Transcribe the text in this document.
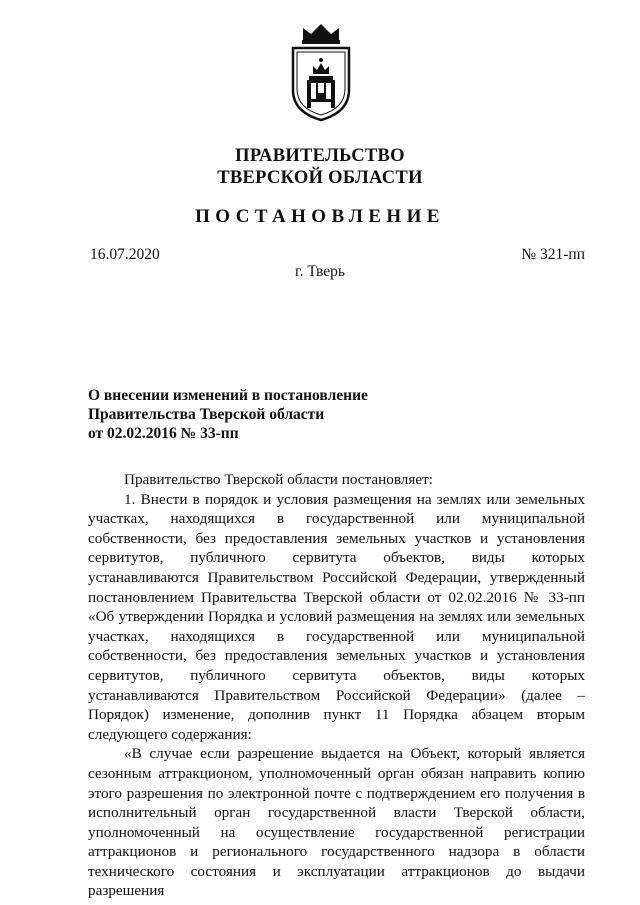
ПРАВИТЕЛЬСТВО
ТВЕРСКОЙ ОБЛАСТИ
ПОСТАНОВЛЕНИЕ
16.07.2020	№ 321-пп
г. Тверь
О внесении изменений в постановление
Правительства Тверской области
от 02.02.2016 № 33-пп

Правительство Тверской области постановляет:

1. Внести в порядок и условия размещения на землях или земельных участках, находящихся в государственной или муниципальной собственности, без предоставления земельных участков и установления сервитутов, публичного сервитута объектов, виды которых устанавливаются Правительством Российской Федерации, утвержденный постановлением Правительства Тверской области от 02.02.2016 № 33-пп «Об утверждении Порядка и условий размещения на землях или земельных участках, находящихся в государственной или муниципальной собственности, без предоставления земельных участков и установления сервитутов, публичного сервитута объектов, виды которых устанавливаются Правительством Российской Федерации» (далее – Порядок) изменение, дополнив пункт 11 Порядка абзацем вторым следующего содержания:

«В случае если разрешение выдается на Объект, который является сезонным аттракционом, уполномоченный орган обязан направить копию этого разрешения по электронной почте с подтверждением его получения в исполнительный орган государственной власти Тверской области, уполномоченный на осуществление государственной регистрации аттракционов и регионального государственного надзора в области технического состояния и эксплуатации аттракционов до выдачи разрешения
